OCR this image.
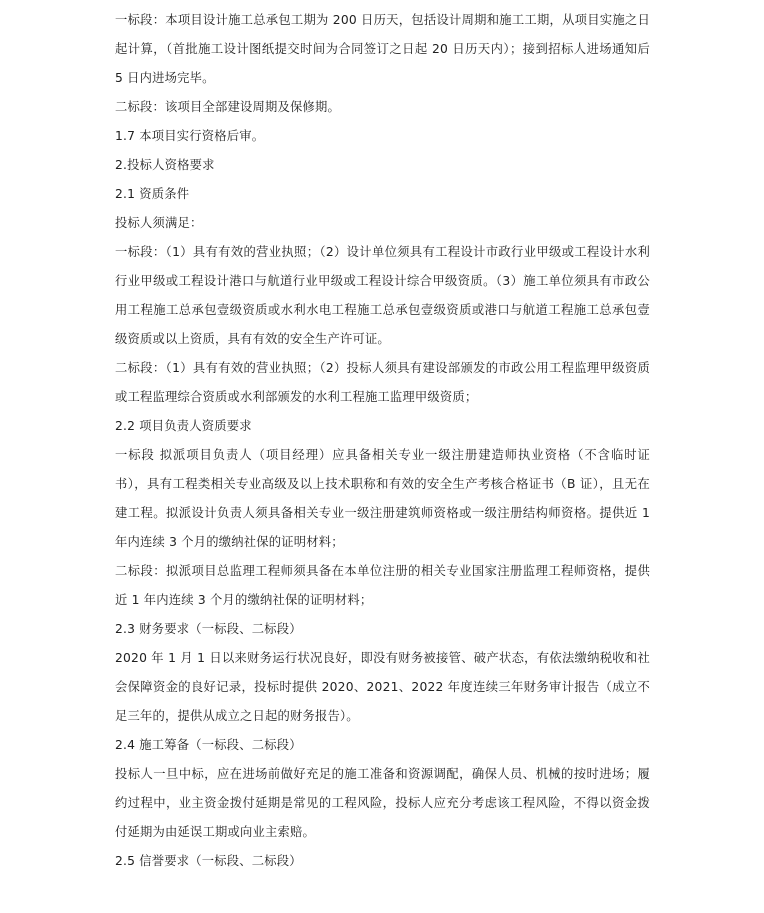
一标段：本项目设计施工总承包工期为 200 日历天，包括设计周期和施工工期，从项目实施之日起计算，（首批施工设计图纸提交时间为合同签订之日起 20 日历天内）；接到招标人进场通知后 5 日内进场完毕。

二标段：该项目全部建设周期及保修期。

1.7 本项目实行资格后审。

2.投标人资格要求

2.1 资质条件

投标人须满足：

一标段：（1）具有有效的营业执照；（2）设计单位须具有工程设计市政行业甲级或工程设计水利行业甲级或工程设计港口与航道行业甲级或工程设计综合甲级资质。（3）施工单位须具有市政公用工程施工总承包壹级资质或水利水电工程施工总承包壹级资质或港口与航道工程施工总承包壹级资质或以上资质，具有有效的安全生产许可证。

二标段：（1）具有有效的营业执照；（2）投标人须具有建设部颁发的市政公用工程监理甲级资质或工程监理综合资质或水利部颁发的水利工程施工监理甲级资质；

2.2 项目负责人资质要求

一标段 拟派项目负责人（项目经理）应具备相关专业一级注册建造师执业资格（不含临时证书），具有工程类相关专业高级及以上技术职称和有效的安全生产考核合格证书（B 证），且无在建工程。拟派设计负责人须具备相关专业一级注册建筑师资格或一级注册结构师资格。提供近 1 年内连续 3 个月的缴纳社保的证明材料；

二标段：拟派项目总监理工程师须具备在本单位注册的相关专业国家注册监理工程师资格，提供近 1 年内连续 3 个月的缴纳社保的证明材料；

2.3 财务要求（一标段、二标段）

2020 年 1 月 1 日以来财务运行状况良好，即没有财务被接管、破产状态，有依法缴纳税收和社会保障资金的良好记录，投标时提供 2020、2021、2022 年度连续三年财务审计报告（成立不足三年的，提供从成立之日起的财务报告）。

2.4 施工筹备（一标段、二标段）

投标人一旦中标，应在进场前做好充足的施工准备和资源调配，确保人员、机械的按时进场；履约过程中，业主资金拨付延期是常见的工程风险，投标人应充分考虑该工程风险，不得以资金拨付延期为由延误工期或向业主索赔。

2.5 信誉要求（一标段、二标段）
